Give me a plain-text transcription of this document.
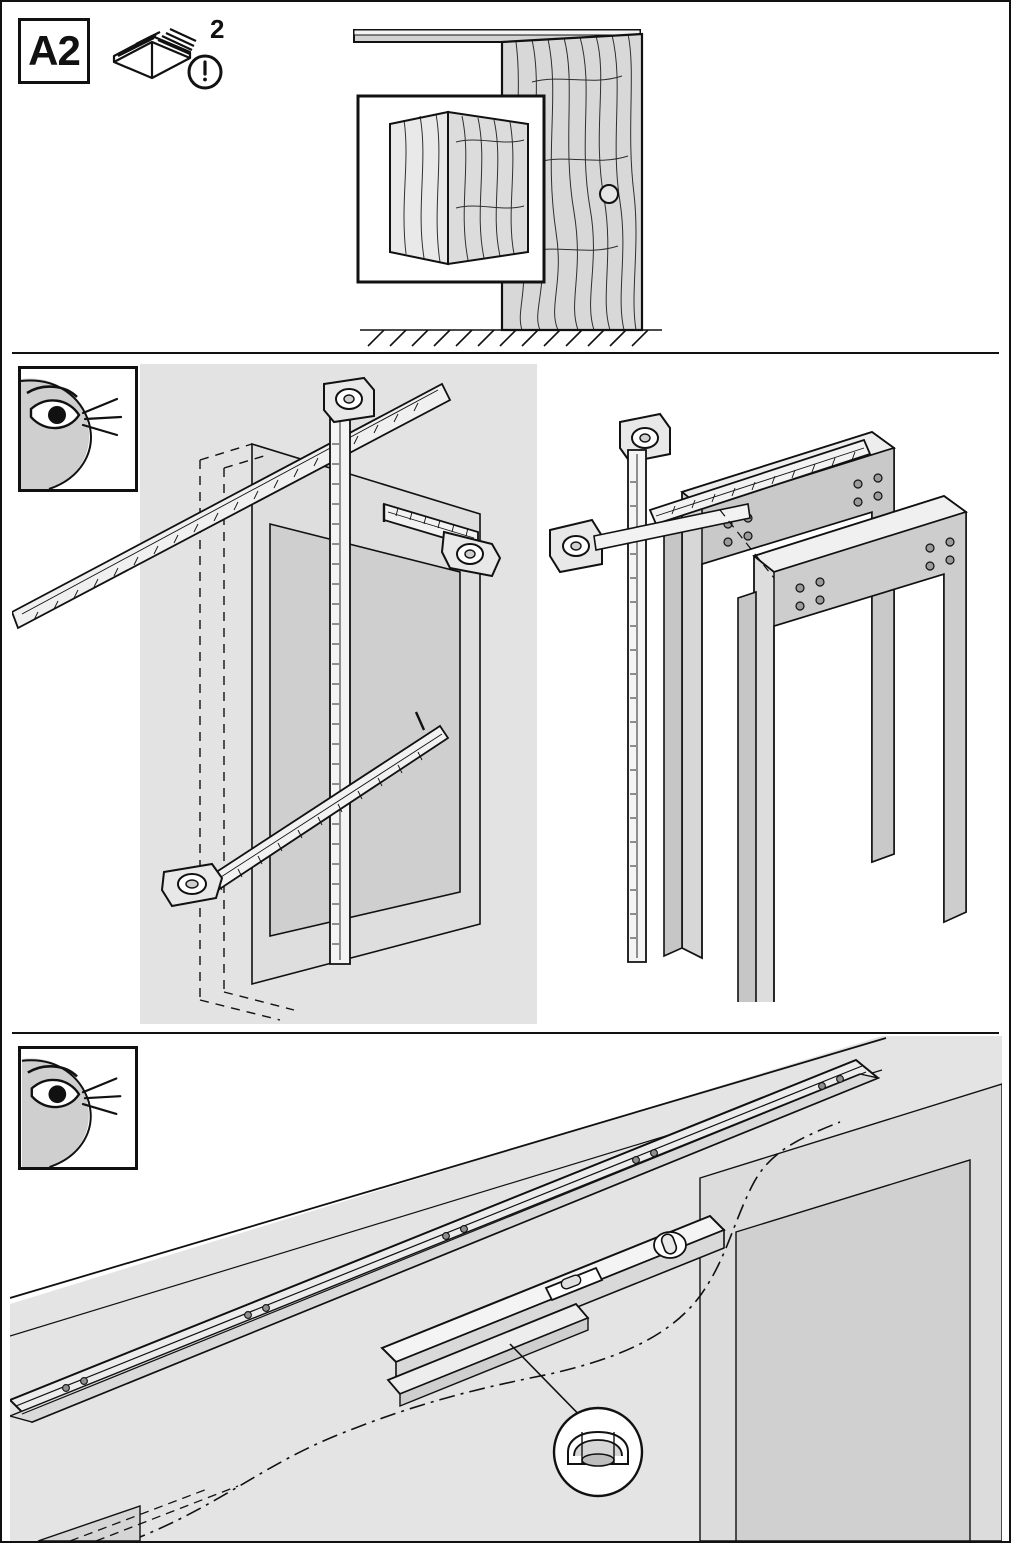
A2	2
